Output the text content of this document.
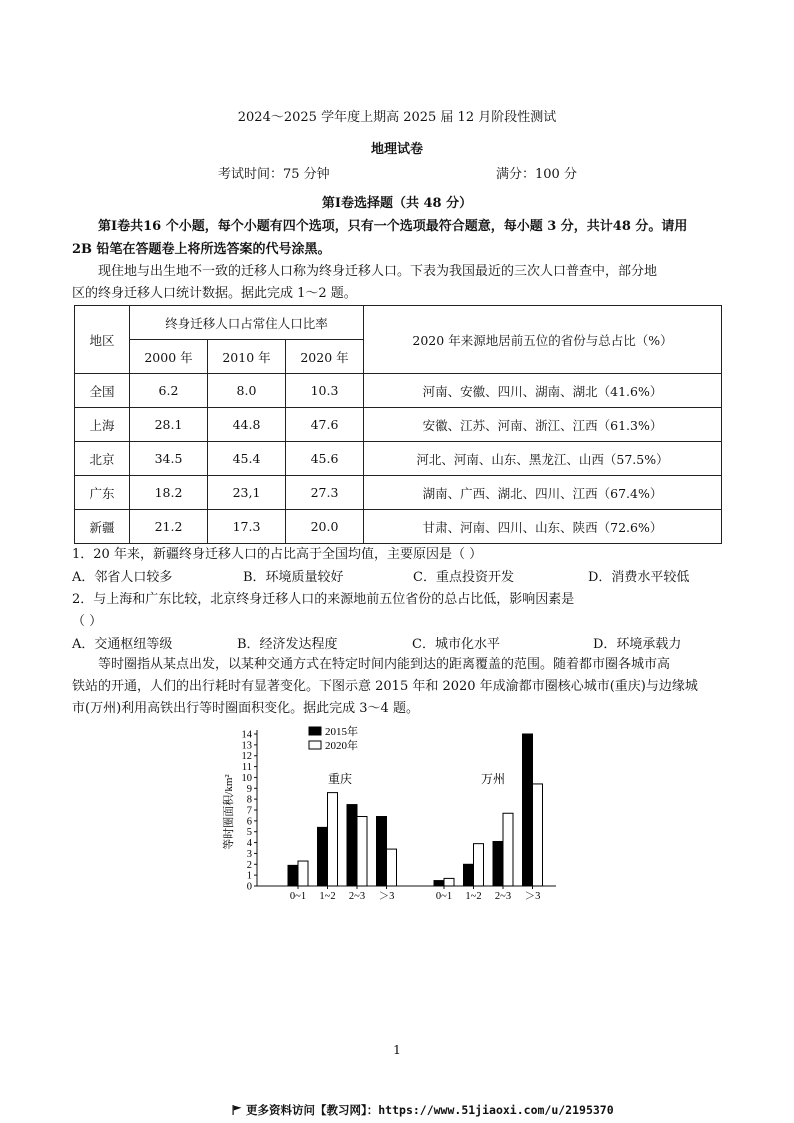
2024～2025 学年度上期高 2025 届 12 月阶段性测试
地理试卷
考试时间：75 分钟	满分：100 分
第Ⅰ卷选择题（共 48 分）
第Ⅰ卷共16 个小题，每个小题有四个选项，只有一个选项最符合题意，每小题 3 分，共计48 分。请用
2B 铅笔在答题卷上将所选答案的代号涂黑。
现住地与出生地不一致的迁移人口称为终身迁移人口。下表为我国最近的三次人口普查中，部分地
区的终身迁移人口统计数据。据此完成 1～2 题。
地区	终身迁移人口占常住人口比率			2020 年来源地居前五位的省份与总占比（%）
	2000 年	2010 年	2020 年	
全国	6.2	8.0	10.3	河南、安徽、四川、湖南、湖北（41.6%）
上海	28.1	44.8	47.6	安徽、江苏、河南、浙江、江西（61.3%）
北京	34.5	45.4	45.6	河北、河南、山东、黑龙江、山西（57.5%）
广东	18.2	23,1	27.3	湖南、广西、湖北、四川、江西（67.4%）
新疆	21.2	17.3	20.0	甘肃、河南、四川、山东、陕西（72.6%）
1．20 年来，新疆终身迁移人口的占比高于全国均值，主要原因是（ ）
A．邻省人口较多	B．环境质量较好	C．重点投资开发	D．消费水平较低
2．与上海和广东比较，北京终身迁移人口的来源地前五位省份的总占比低，影响因素是
（ ）
A．交通枢纽等级	B．经济发达程度	C．城市化水平	D．环境承载力
等时圈指从某点出发，以某种交通方式在特定时间内能到达的距离覆盖的范围。随着都市圈各城市高
铁站的开通，人们的出行耗时有显著变化。下图示意 2015 年和 2020 年成渝都市圈核心城市(重庆)与边缘城
市(万州)利用高铁出行等时圈面积变化。据此完成 3～4 题。
等时圈面积/km²
0
1
2
3
4
5
6
7
8
9
10
11
12
13
14	2015年
2020年
重庆
0~1 1~2 2~3 ＞3
万州
0~1 1~2 2~3 ＞3
1
更多资料访问【教习网】：https://www.51jiaoxi.com/u/2195370
